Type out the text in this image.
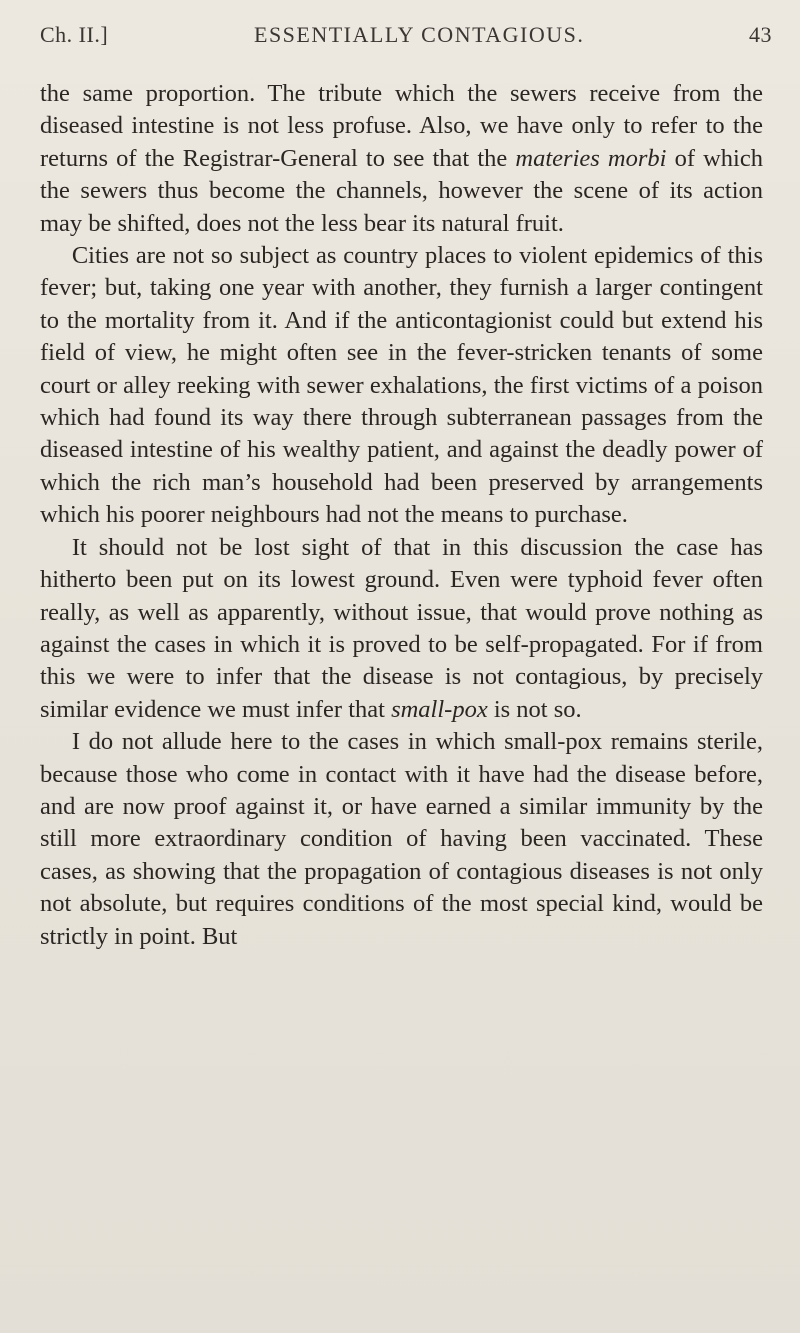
Ch. II.]	ESSENTIALLY CONTAGIOUS.	43

the same proportion. The tribute which the sewers receive from the diseased intestine is not less profuse. Also, we have only to refer to the returns of the Registrar-General to see that the materies morbi of which the sewers thus become the channels, however the scene of its action may be shifted, does not the less bear its natural fruit.

Cities are not so subject as country places to violent epidemics of this fever; but, taking one year with another, they furnish a larger contingent to the mortality from it. And if the anticontagionist could but extend his field of view, he might often see in the fever-stricken tenants of some court or alley reeking with sewer exhalations, the first victims of a poison which had found its way there through subterranean passages from the diseased intestine of his wealthy patient, and against the deadly power of which the rich man’s household had been preserved by arrangements which his poorer neighbours had not the means to purchase.

It should not be lost sight of that in this discussion the case has hitherto been put on its lowest ground. Even were typhoid fever often really, as well as apparently, without issue, that would prove nothing as against the cases in which it is proved to be self-propagated. For if from this we were to infer that the disease is not contagious, by precisely similar evidence we must infer that small-pox is not so.

I do not allude here to the cases in which small-pox remains sterile, because those who come in contact with it have had the disease before, and are now proof against it, or have earned a similar immunity by the still more extraordinary condition of having been vaccinated. These cases, as showing that the propagation of contagious diseases is not only not absolute, but requires conditions of the most special kind, would be strictly in point. But
